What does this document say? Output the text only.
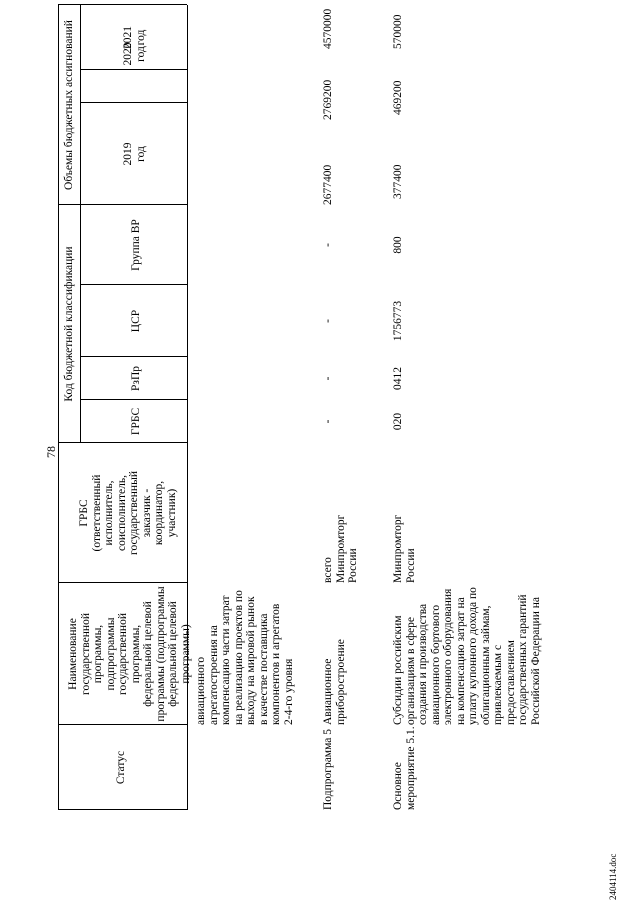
78
2404114.doc
Статус
Наименование государственной программы, подпрограммы государственной программы, федеральной целевой программы (подпрограммы федеральной целевой программы)
ГРБС (ответственный исполнитель, соисполнитель, государственный заказчик - координатор, участник)
Код бюджетной классификации
ГРБС
РзПр
ЦСР
Группа ВР
Объемы бюджетных ассигнований	2019 год
2020 год
авиационного агрегатостроения на компенсацию части затрат на реализацию проектов по выходу на мировой рынок в качестве поставщика компонентов и агрегатов 2-4-го уровня
Подпрограмма 5
Авиационное приборостроение
всего Минпромторг России
-
-
-
-
2677400
2769200
4570000
Основное мероприятие 5.1.
Субсидии российским организациям в сфере создания и производства авиационного бортового электронного оборудования на компенсацию затрат на уплату купонного дохода по облигационным займам, привлекаемым с предоставлением государственных гарантий Российской Федерации на
Минпромторг России
020
0412
1756773
800
377400
469200
570000
2021 год
